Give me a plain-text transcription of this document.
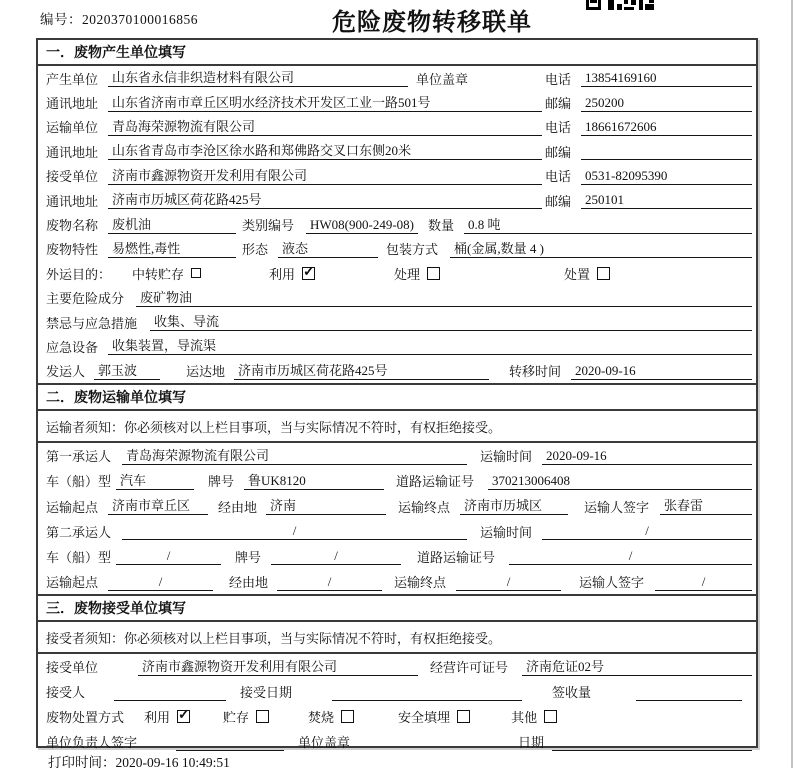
编号：2020370100016856	危险废物转移联单
一．废物产生单位填写
产生单位	山东省永信非织造材料有限公司	单位盖章	电话	13854169160
通讯地址	山东省济南市章丘区明水经济技术开发区工业一路501号	邮编	250200
运输单位	青岛海荣源物流有限公司	电话	18661672606
通讯地址	山东省青岛市李沧区徐水路和郑佛路交叉口东侧20米	邮编
接受单位	济南市鑫源物资开发利用有限公司	电话	0531-82095390
通讯地址	济南市历城区荷花路425号	邮编	250101
废物名称	废机油	类别编号	HW08(900-249-08)	数量	0.8 吨
废物特性	易燃性,毒性	形态	液态	包装方式	桶(金属,数量 4 )
外运目的：	中转贮存	利用 ✓	处理	处置
主要危险成分	废矿物油
禁忌与应急措施	收集、导流
应急设备	收集装置，导流渠
发运人 郭玉波	运达地 济南市历城区荷花路425号	转移时间	2020-09-16
二．废物运输单位填写
运输者须知：你必须核对以上栏目事项，当与实际情况不符时，有权拒绝接受。
第一承运人	青岛海荣源物流有限公司	运输时间	2020-09-16
车（船）型 汽车	牌号	鲁UK8120	道路运输证号	370213006408
运输起点	济南市章丘区	经由地 济南	运输终点	济南市历城区	运输人签字	张春雷
第二承运人	/	运输时间	/
车（船）型	/	牌号	/	道路运输证号	/
运输起点	/	经由地	/	运输终点	/	运输人签字	/
三．废物接受单位填写
接受者须知：你必须核对以上栏目事项，当与实际情况不符时，有权拒绝接受。
接受单位	济南市鑫源物资开发利用有限公司	经营许可证号	济南危证02号
接受人	接受日期	签收量
废物处置方式	利用 ✓	贮存	焚烧	安全填埋	其他
单位负责人签字	单位盖章	日期
打印时间：2020-09-16 10:49:51
